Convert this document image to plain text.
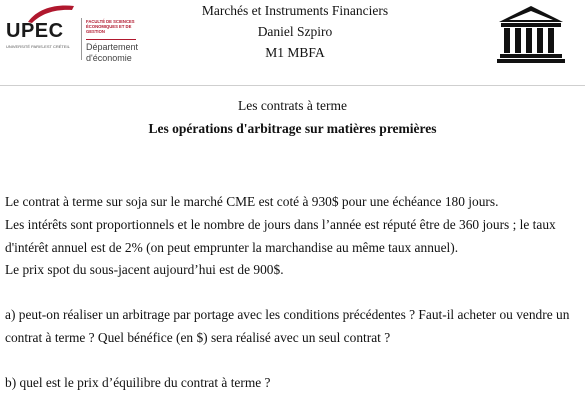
UPEC
UNIVERSITÉ PARIS-EST CRÉTEIL
FACULTÉ DE SCIENCES ÉCONOMIQUES ET DE GESTION
Département
d'économie
Marchés et Instruments Financiers
Daniel Szpiro
M1 MBFA
Les contrats à terme
Les opérations d'arbitrage sur matières premières

Le contrat à terme sur soja sur le marché CME est coté à 930$ pour une échéance 180 jours.

Les intérêts sont proportionnels et le nombre de jours dans l’année est réputé être de 360 jours ; le taux d'intérêt annuel est de 2% (on peut emprunter la marchandise au même taux annuel).

Le prix spot du sous-jacent aujourd’hui est de 900$.

a) peut-on réaliser un arbitrage par portage avec les conditions précédentes ? Faut-il acheter ou vendre un contrat à terme ? Quel bénéfice (en $) sera réalisé avec un seul contrat ?

b) quel est le prix d’équilibre du contrat à terme ?
